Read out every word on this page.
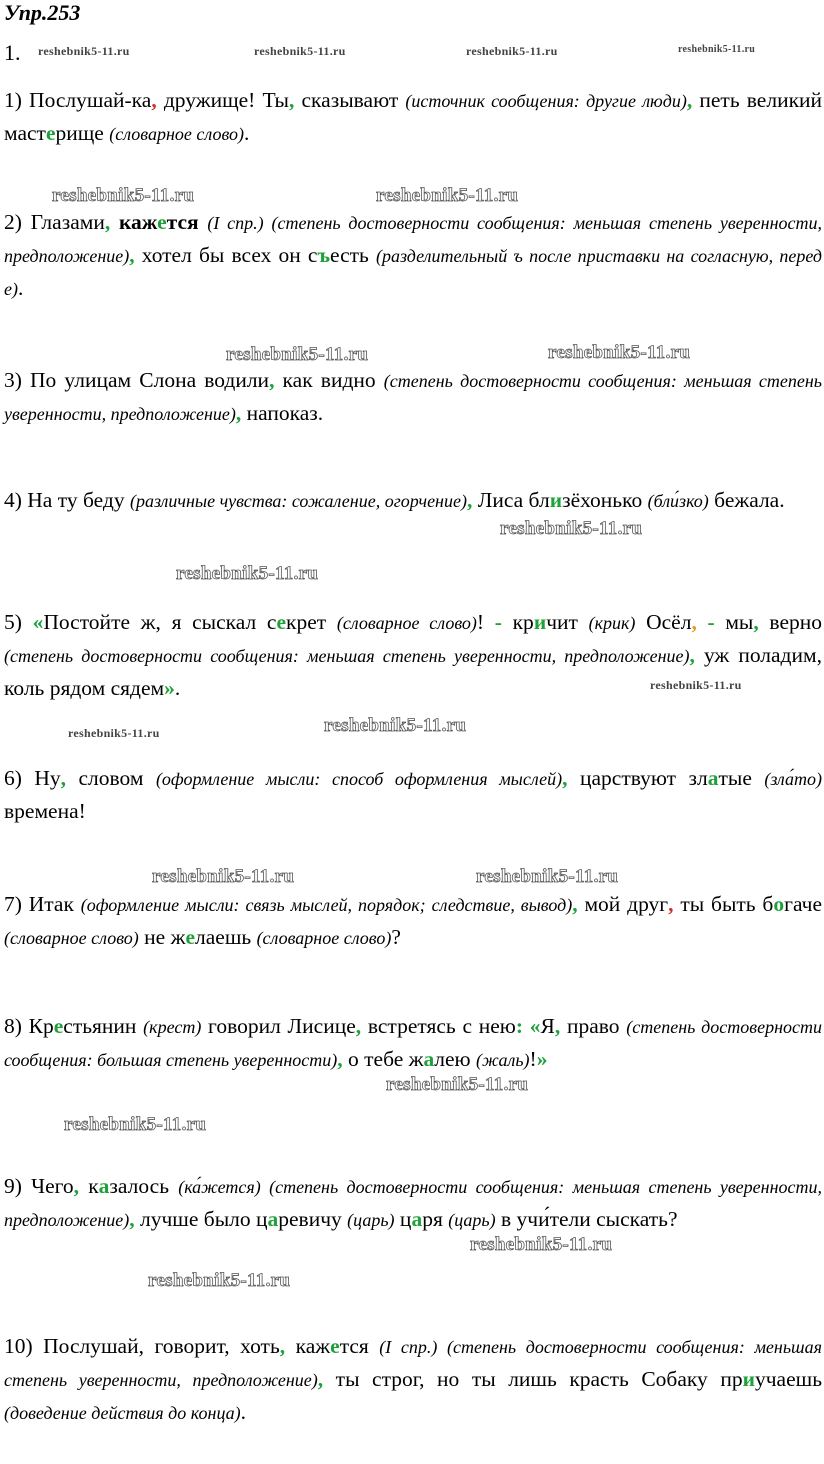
Упр.253
1. reshebnik5-11.ru	reshebnik5-11.ru	reshebnik5-11.ru	reshebnik5-11.ru
reshebnik5-11.ru	reshebnik5-11.ru
reshebnik5-11.ru	reshebnik5-11.ru
reshebnik5-11.ru
reshebnik5-11.ru
reshebnik5-11.ru
reshebnik5-11.ru	reshebnik5-11.ru
reshebnik5-11.ru	reshebnik5-11.ru
reshebnik5-11.ru
reshebnik5-11.ru
reshebnik5-11.ru
reshebnik5-11.ru
1) Послушай-ка, дружище! Ты, сказывают (источник сообщения: другие люди), петь великий мастерище (словарное слово).
2) Глазами, кажется (I спр.) (степень достоверности сообщения: меньшая степень уверенности, предположение), хотел бы всех он съесть (разделительный ъ после приставки на согласную, перед е).
3) По улицам Слона водили, как видно (степень достоверности сообщения: меньшая степень уверенности, предположение), напоказ.
4) На ту беду (различные чувства: сожаление, огорчение), Лиса близёхонько (бли́зко) бежала.
5) «Постойте ж, я сыскал секрет (словарное слово)! - кричит (крик) Осёл, - мы, верно (степень достоверности сообщения: меньшая степень уверенности, предположение), уж поладим, коль рядом сядем».
6) Ну, словом (оформление мысли: способ оформления мыслей), царствуют златые (зла́то) времена!
7) Итак (оформление мысли: связь мыслей, порядок; следствие, вывод), мой друг, ты быть богаче (словарное слово) не желаешь (словарное слово)?
8) Крестьянин (крест) говорил Лисице, встретясь с нею: «Я, право (степень достоверности сообщения: большая степень уверенности), о тебе жалею (жаль)!»
9) Чего, казалось (ка́жется) (степень достоверности сообщения: меньшая степень уверенности, предположение), лучше было царевичу (царь) царя (царь) в учи́тели сыскать?
10) Послушай, говорит, хоть, кажется (I спр.) (степень достоверности сообщения: меньшая степень уверенности, предположение), ты строг, но ты лишь красть Собаку приучаешь (доведение действия до конца).
